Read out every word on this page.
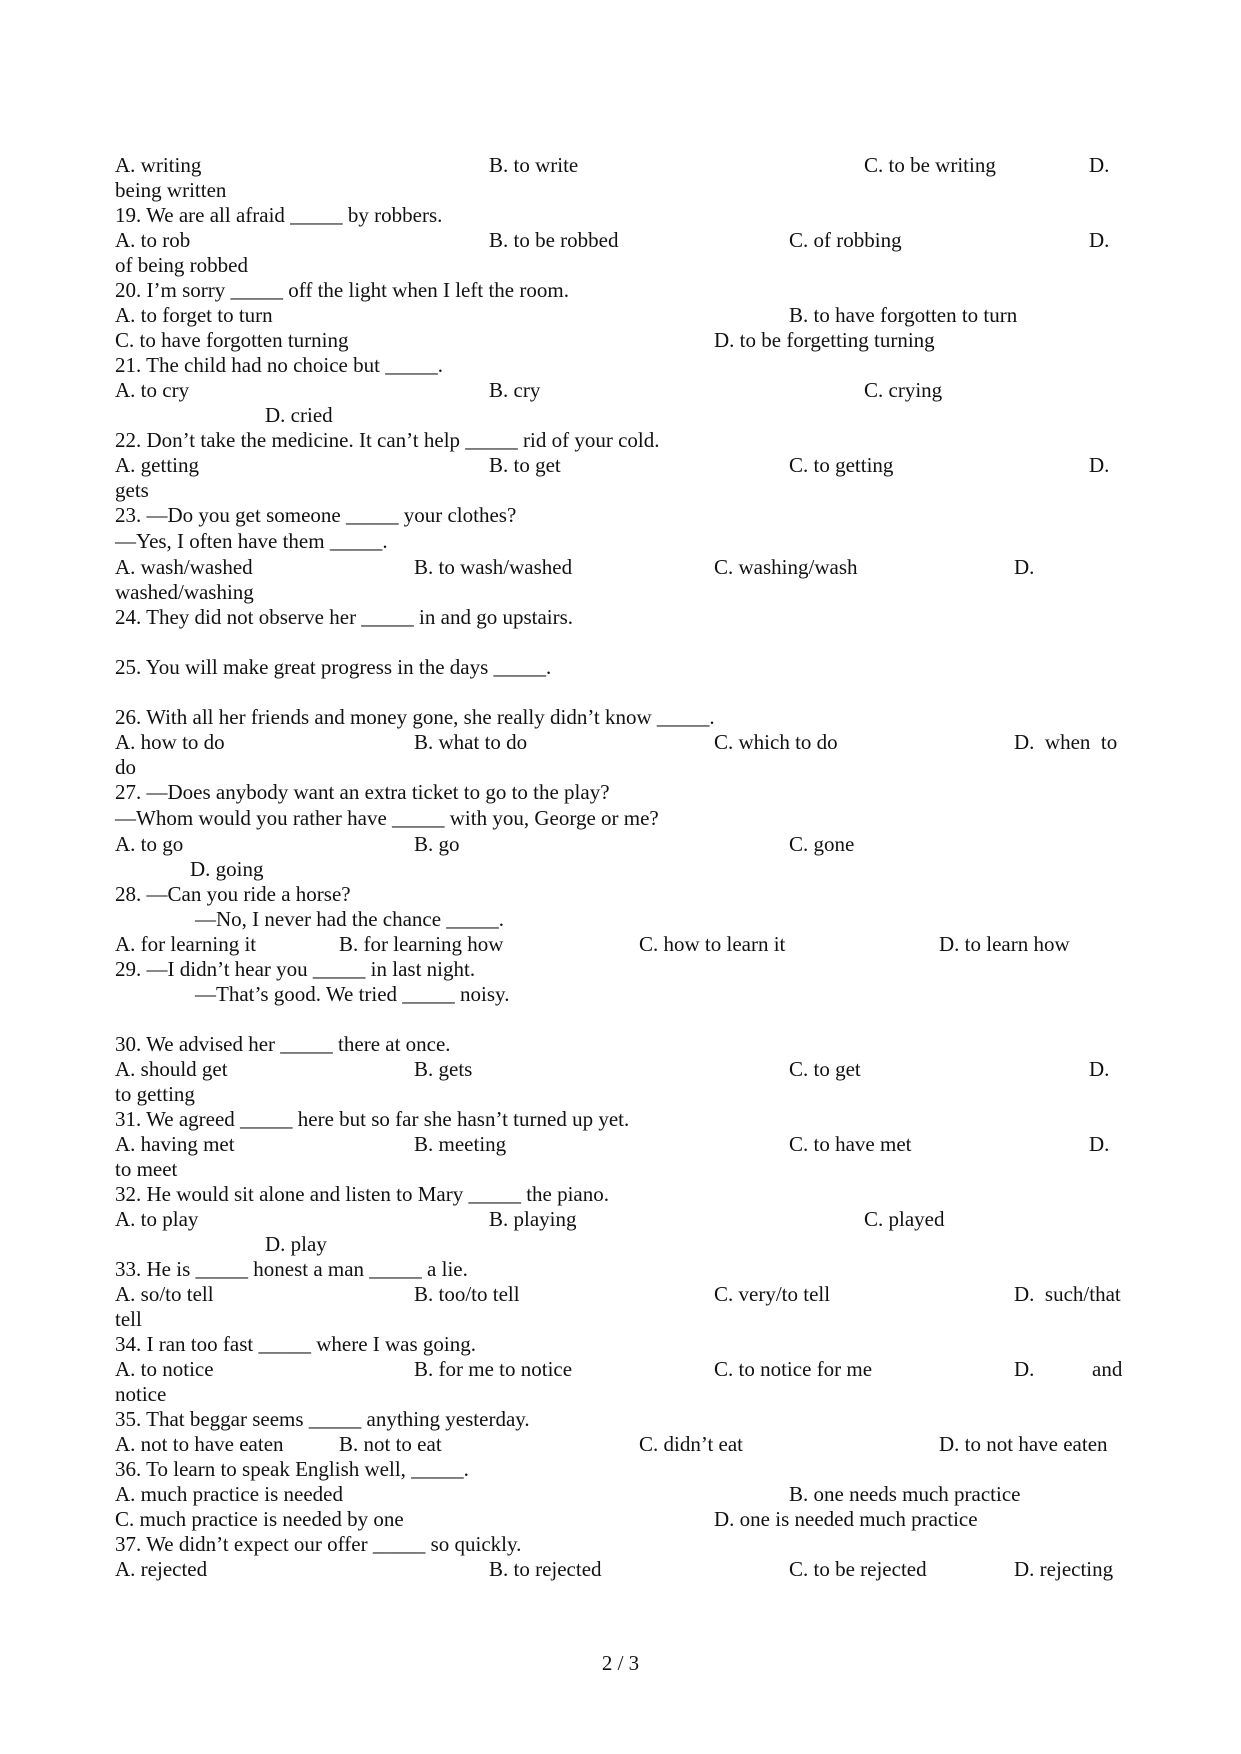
A. writing	B. to write	C. to be writing	D.
being written
19. We are all afraid _____ by robbers.
A. to rob	B. to be robbed	C. of robbing	D.
of being robbed
20. I’m sorry _____ off the light when I left the room.
A. to forget to turn	B. to have forgotten to turn
C. to have forgotten turning	D. to be forgetting turning
21. The child had no choice but _____.
A. to cry	B. cry	C. crying
D. cried
22. Don’t take the medicine. It can’t help _____ rid of your cold.
A. getting	B. to get	C. to getting	D.
gets
23. —Do you get someone _____ your clothes?
—Yes, I often have them _____.
A. wash/washed	B. to wash/washed	C. washing/wash	D.
washed/washing
24. They did not observe her _____ in and go upstairs.
25. You will make great progress in the days _____.
26. With all her friends and money gone, she really didn’t know _____.
A. how to do	B. what to do	C. which to do	D.  when  to
do
27. —Does anybody want an extra ticket to go to the play?
—Whom would you rather have _____ with you, George or me?
A. to go	B. go	C. gone
D. going
28. —Can you ride a horse?
—No, I never had the chance _____.
A. for learning it	B. for learning how	C. how to learn it	D. to learn how
29. —I didn’t hear you _____ in last night.
—That’s good. We tried _____ noisy.
30. We advised her _____ there at once.
A. should get	B. gets	C. to get	D.
to getting
31. We agreed _____ here but so far she hasn’t turned up yet.
A. having met	B. meeting	C. to have met	D.
to meet
32. He would sit alone and listen to Mary _____ the piano.
A. to play	B. playing	C. played
D. play
33. He is _____ honest a man _____ a lie.
A. so/to tell	B. too/to tell	C. very/to tell	D.  such/that
tell
34. I ran too fast _____ where I was going.
A. to notice	B. for me to notice	C. to notice for me	D.	and
notice
35. That beggar seems _____ anything yesterday.
A. not to have eaten	B. not to eat	C. didn’t eat	D. to not have eaten
36. To learn to speak English well, _____.
A. much practice is needed	B. one needs much practice
C. much practice is needed by one	D. one is needed much practice
37. We didn’t expect our offer _____ so quickly.
A. rejected	B. to rejected	C. to be rejected	D. rejecting
2 / 3
